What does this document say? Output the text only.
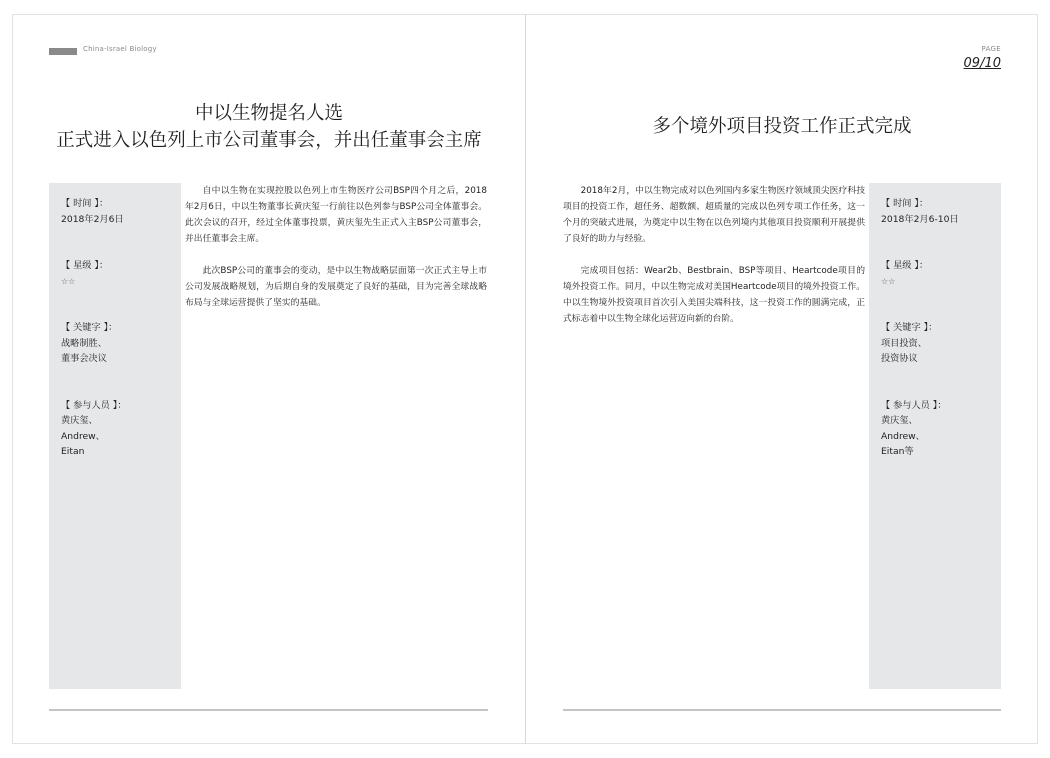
China-Israel Biology	PAGE
09/10
中以生物提名人选
正式进入以色列上市公司董事会，并出任董事会主席
【 时间 】：
2018年2月6日
【 星级 】：
☆☆
【 关键字 】：
战略制胜、
董事会决议
【 参与人员 】：
黄庆玺、
Andrew、
Eitan

自中以生物在实现控股以色列上市生物医疗公司BSP四个月之后，2018年2月6日，中以生物董事长黄庆玺一行前往以色列参与BSP公司全体董事会。此次会议的召开，经过全体董事投票，黄庆玺先生正式入主BSP公司董事会，并出任董事会主席。

此次BSP公司的董事会的变动，是中以生物战略层面第一次正式主导上市公司发展战略规划，为后期自身的发展奠定了良好的基础，目为完善全球战略布局与全球运营提供了坚实的基础。

多个境外项目投资工作正式完成

2018年2月，中以生物完成对以色列国内多家生物医疗领域顶尖医疗科技项目的投资工作，超任务、超数额、超质量的完成以色列专项工作任务，这一个月的突破式进展，为奠定中以生物在以色列境内其他项目投资顺利开展提供了良好的助力与经验。

完成项目包括：Wear2b、Bestbrain、BSP等项目、Heartcode项目的境外投资工作。同月，中以生物完成对美国Heartcode项目的境外投资工作。中以生物境外投资项目首次引入美国尖端科技，这一投资工作的圆满完成，正式标志着中以生物全球化运营迈向新的台阶。

【 时间 】：
2018年2月6-10日
【 星级 】：
☆☆
【 关键字 】：
项目投资、
投资协议
【 参与人员 】：
黄庆玺、
Andrew、
Eitan等
